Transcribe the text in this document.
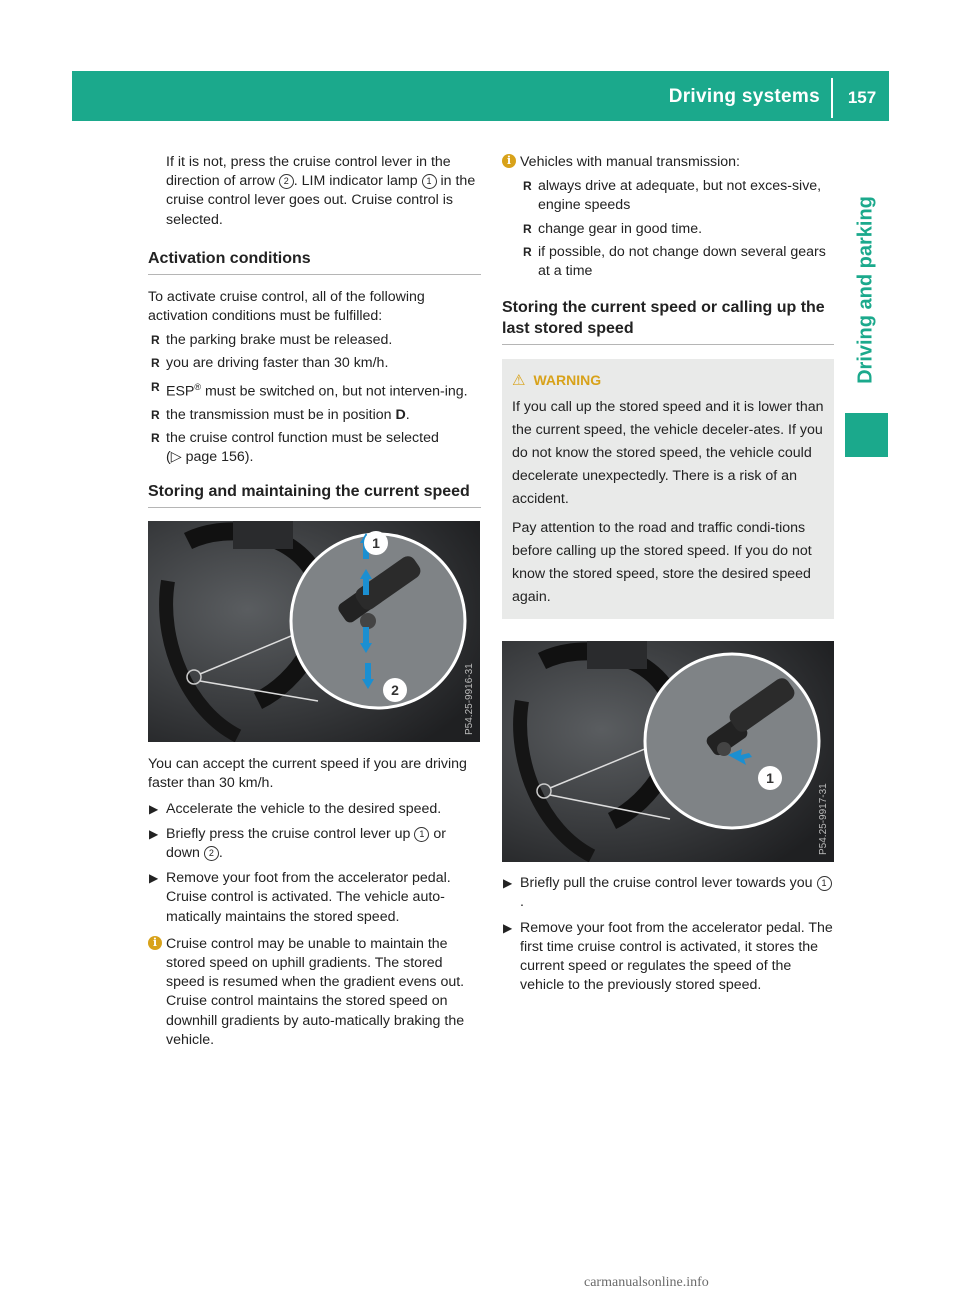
Driving systems	157
Driving and parking

If it is not, press the cruise control lever in the direction of arrow 2 . LIM indicator lamp 1 in the cruise control lever goes out. Cruise control is selected.

Activation conditions

To activate cruise control, all of the following activation conditions must be fulfilled:

R the parking brake must be released.
R you are driving faster than 30 km/h.
R ESP® must be switched on, but not interven-ing.
R the transmission must be in position D.
R the cruise control function must be selected
(▷ page 156).
Storing and maintaining the current speed
1
2	P54.25-9916-31

You can accept the current speed if you are driving faster than 30 km/h.

▶ Accelerate the vehicle to the desired speed.
▶ Briefly press the cruise control lever up 1 or down 2 .
▶ Remove your foot from the accelerator pedal. Cruise control is activated. The vehicle auto-matically maintains the stored speed.
i Cruise control may be unable to maintain the stored speed on uphill gradients. The stored speed is resumed when the gradient evens out. Cruise control maintains the stored speed on downhill gradients by auto-matically braking the vehicle.
i Vehicles with manual transmission:
R always drive at adequate, but not exces-sive, engine speeds
R change gear in good time.
R if possible, do not change down several gears at a time
Storing the current speed or calling up the last stored speed
⚠ WARNING

If you call up the stored speed and it is lower than the current speed, the vehicle deceler-ates. If you do not know the stored speed, the vehicle could decelerate unexpectedly. There is a risk of an accident.

Pay attention to the road and traffic condi-tions before calling up the stored speed. If you do not know the stored speed, store the desired speed again.

1
P54.25-9917-31
▶ Briefly pull the cruise control lever towards you 1.
▶ Remove your foot from the accelerator pedal. The first time cruise control is activated, it stores the current speed or regulates the speed of the vehicle to the previously stored speed.
carmanualsonline.info
